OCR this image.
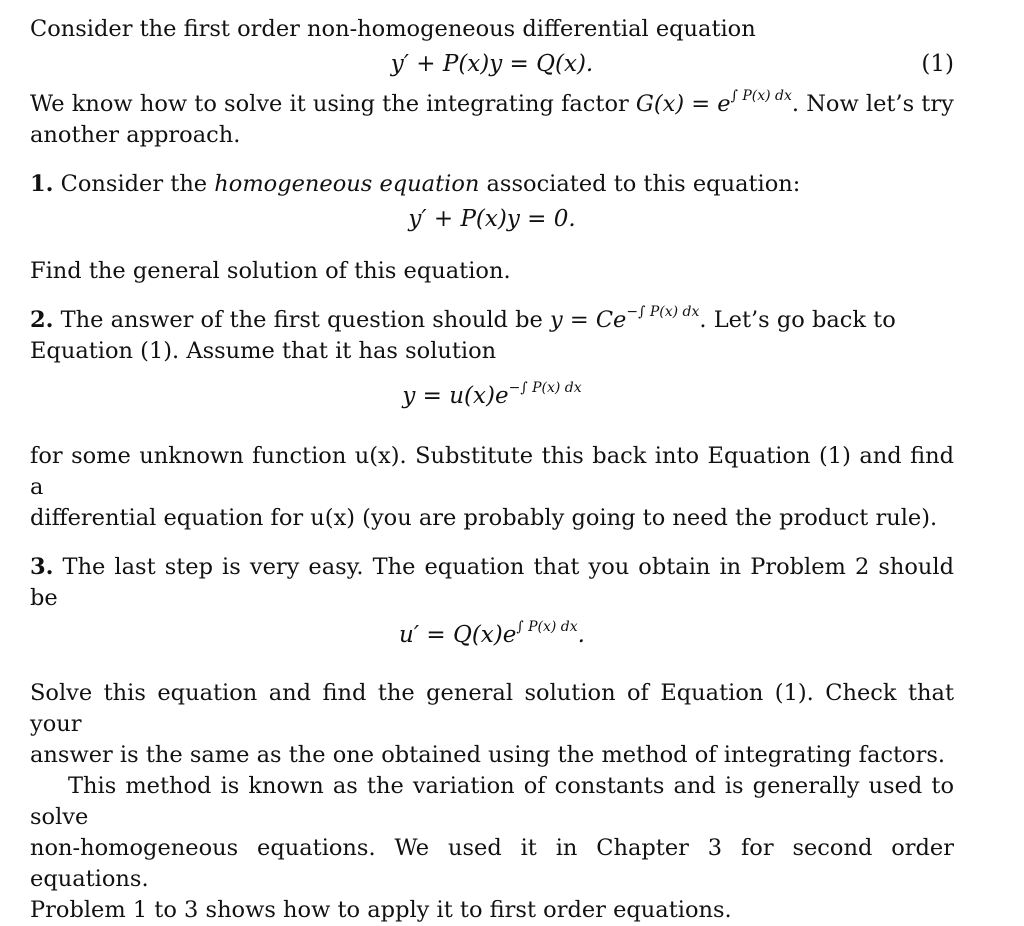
Consider the first order non-homogeneous differential equation

y′ + P(x)y = Q(x).	(1)

We know how to solve it using the integrating factor $G(x) = e^{\int P(x) dx}$. Now let’s try

another approach.

1. Consider the homogeneous equation associated to this equation:

y′ + P(x)y = 0.

Find the general solution of this equation.

2. The answer of the first question should be $y = Ce^{-\int P(x) dx}$. Let’s go back to

Equation (1). Assume that it has solution

$y = u(x)e^{-\int P(x) dx}$

for some unknown function u(x). Substitute this back into Equation (1) and find a

differential equation for u(x) (you are probably going to need the product rule).

3. The last step is very easy. The equation that you obtain in Problem 2 should be

$u' = Q(x)e^{\int P(x) dx}$.

Solve this equation and find the general solution of Equation (1). Check that your

answer is the same as the one obtained using the method of integrating factors.

This method is known as the variation of constants and is generally used to solve

non-homogeneous equations. We used it in Chapter 3 for second order equations.

Problem 1 to 3 shows how to apply it to first order equations.
